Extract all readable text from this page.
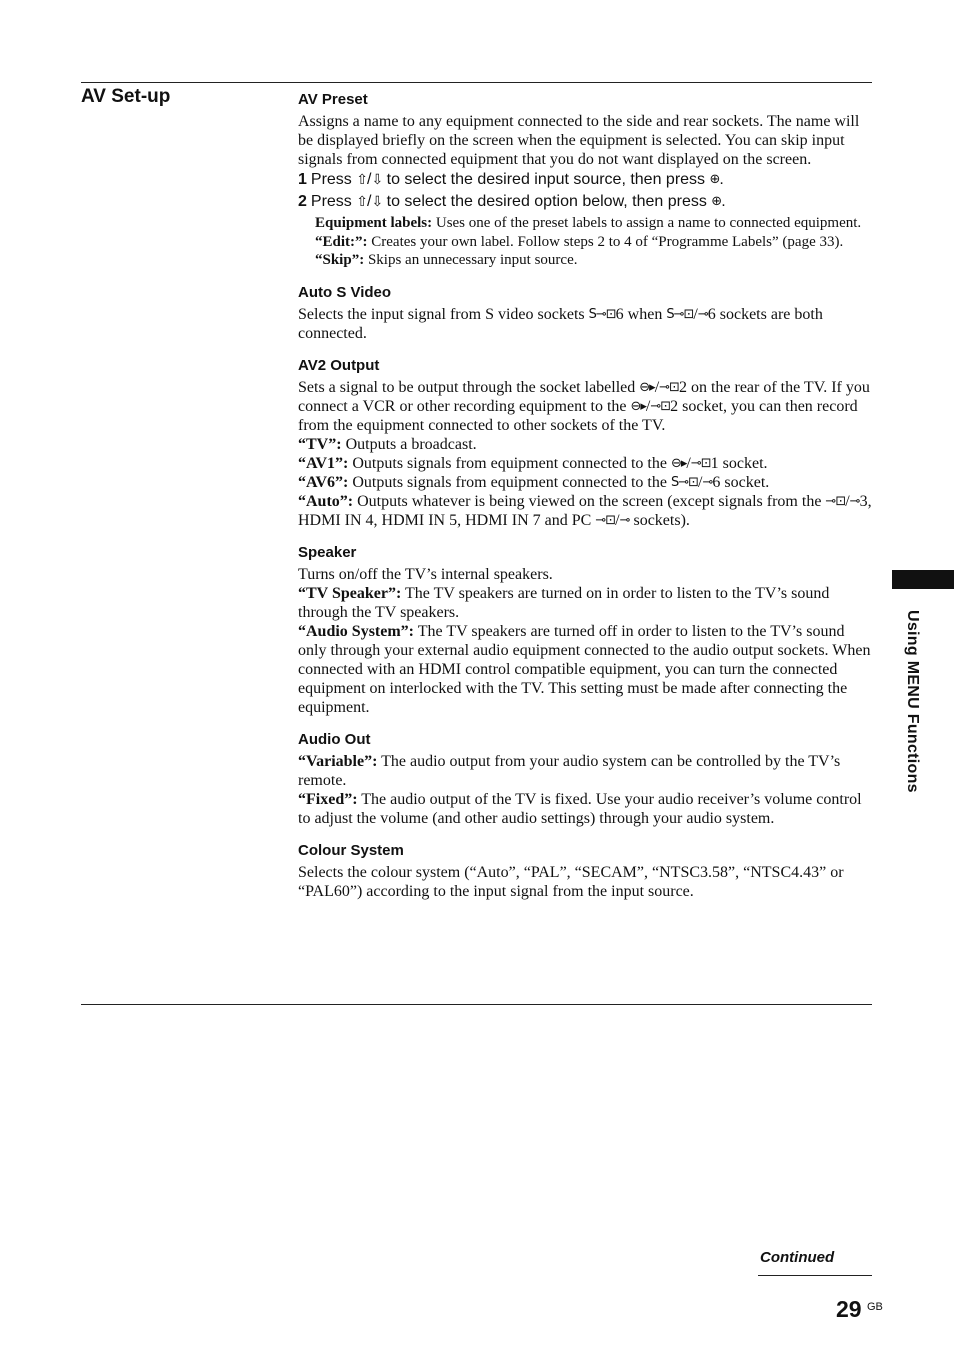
AV Set-up	AV Preset

Assigns a name to any equipment connected to the side and rear sockets. The name will be displayed briefly on the screen when the equipment is selected. You can skip input signals from connected equipment that you do not want displayed on the screen.

1 Press ⇧/⇩ to select the desired input source, then press ⊕.

2 Press ⇧/⇩ to select the desired option below, then press ⊕.

Equipment labels: Uses one of the preset labels to assign a name to connected equipment.

“Edit:”: Creates your own label. Follow steps 2 to 4 of “Programme Labels” (page 33).

“Skip”: Skips an unnecessary input source.

Auto S Video

Selects the input signal from S video sockets S⊸⊡6 when S⊸⊡/⊸6 sockets are both connected.

AV2 Output

Sets a signal to be output through the socket labelled ⊖▸/⊸⊡2 on the rear of the TV. If you connect a VCR or other recording equipment to the ⊖▸/⊸⊡2 socket, you can then record from the equipment connected to other sockets of the TV.

“TV”: Outputs a broadcast.

“AV1”: Outputs signals from equipment connected to the ⊖▸/⊸⊡1 socket.

“AV6”: Outputs signals from equipment connected to the S⊸⊡/⊸6 socket.

“Auto”: Outputs whatever is being viewed on the screen (except signals from the ⊸⊡/⊸3, HDMI IN 4, HDMI IN 5, HDMI IN 7 and PC ⊸⊡/⊸ sockets).

Speaker

Turns on/off the TV’s internal speakers.

“TV Speaker”: The TV speakers are turned on in order to listen to the TV’s sound through the TV speakers.

“Audio System”: The TV speakers are turned off in order to listen to the TV’s sound only through your external audio equipment connected to the audio output sockets. When connected with an HDMI control compatible equipment, you can turn the connected equipment on interlocked with the TV. This setting must be made after connecting the equipment.

Audio Out

“Variable”: The audio output from your audio system can be controlled by the TV’s remote.

“Fixed”: The audio output of the TV is fixed. Use your audio receiver’s volume control to adjust the volume (and other audio settings) through your audio system.

Colour System

Selects the colour system (“Auto”, “PAL”, “SECAM”, “NTSC3.58”, “NTSC4.43” or “PAL60”) according to the input signal from the input source.

Using MENU Functions
Continued
29 GB
